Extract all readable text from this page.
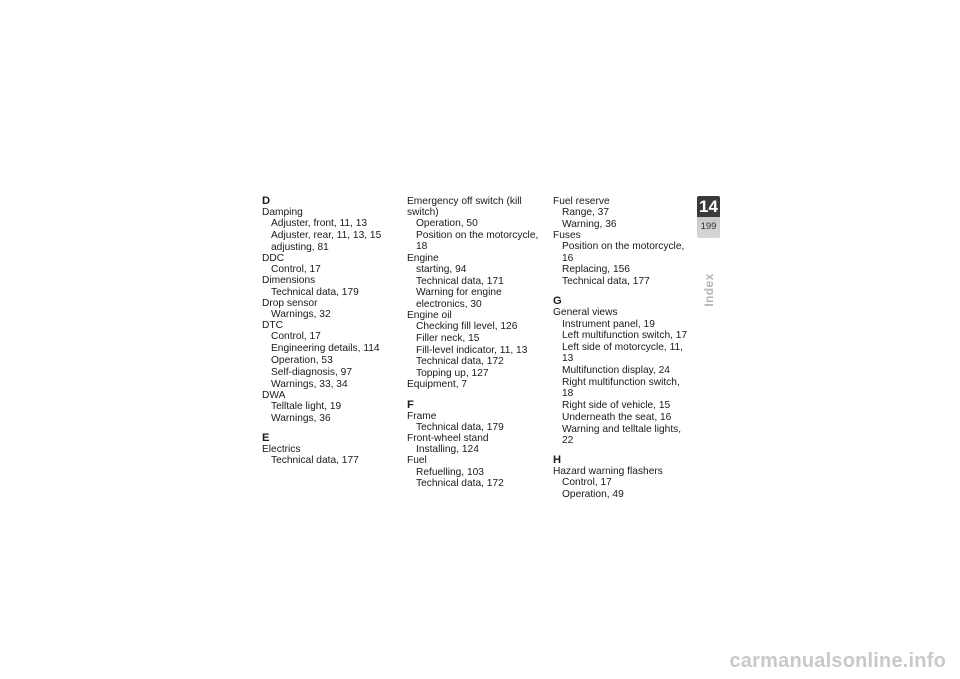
D
Damping
Adjuster, front, 11, 13
Adjuster, rear, 11, 13, 15
adjusting, 81
DDC
Control, 17
Dimensions
Technical data, 179
Drop sensor
Warnings, 32
DTC
Control, 17
Engineering details, 114
Operation, 53
Self-diagnosis, 97
Warnings, 33, 34
DWA
Telltale light, 19
Warnings, 36
E
Electrics
Technical data, 177
Emergency off switch (kill switch)
Operation, 50
Position on the motorcycle, 18
Engine
starting, 94
Technical data, 171
Warning for engine electronics, 30
Engine oil
Checking fill level, 126
Filler neck, 15
Fill-level indicator, 11, 13
Technical data, 172
Topping up, 127
Equipment, 7
F
Frame
Technical data, 179
Front-wheel stand
Installing, 124
Fuel
Refuelling, 103
Technical data, 172
Fuel reserve
Range, 37
Warning, 36
Fuses
Position on the motorcycle, 16
Replacing, 156
Technical data, 177
G
General views
Instrument panel, 19
Left multifunction switch, 17
Left side of motorcycle, 11, 13
Multifunction display, 24
Right multifunction switch, 18
Right side of vehicle, 15
Underneath the seat, 16
Warning and telltale lights, 22
H
Hazard warning flashers
Control, 17
Operation, 49
14
199
Index
carmanualsonline.info
